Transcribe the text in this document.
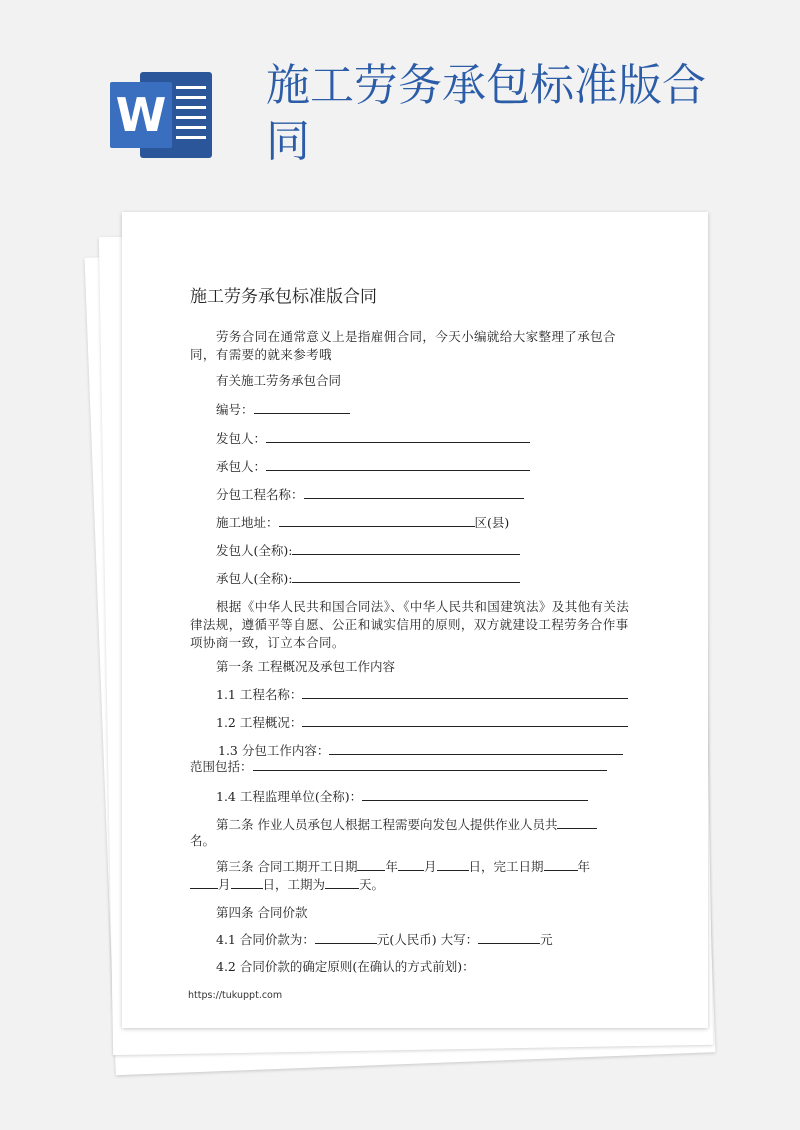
W
施工劳务承包标准版合同
施工劳务承包标准版合同
劳务合同在通常意义上是指雇佣合同，今天小编就给大家整理了承包合同，有需要的就来参考哦
有关施工劳务承包合同
编号：
发包人：
承包人：
分包工程名称：
施工地址：	区(县)
发包人(全称):
承包人(全称):
根据《中华人民共和国合同法》、《中华人民共和国建筑法》及其他有关法律法规，遵循平等自愿、公正和诚实信用的原则，双方就建设工程劳务合作事项协商一致，订立本合同。
第一条 工程概况及承包工作内容
1.1 工程名称：
1.2 工程概况：
1.3 分包工作内容：
范围包括：
1.4 工程监理单位(全称)：
第二条 作业人员承包人根据工程需要向发包人提供作业人员共
名。
第三条 合同工期开工日期 年 月	日，完工日期	年
月	日，工期为	天。
第四条 合同价款
4.1 合同价款为：	元(人民币) 大写：	元
4.2 合同价款的确定原则(在确认的方式前划)：
https://tukuppt.com
